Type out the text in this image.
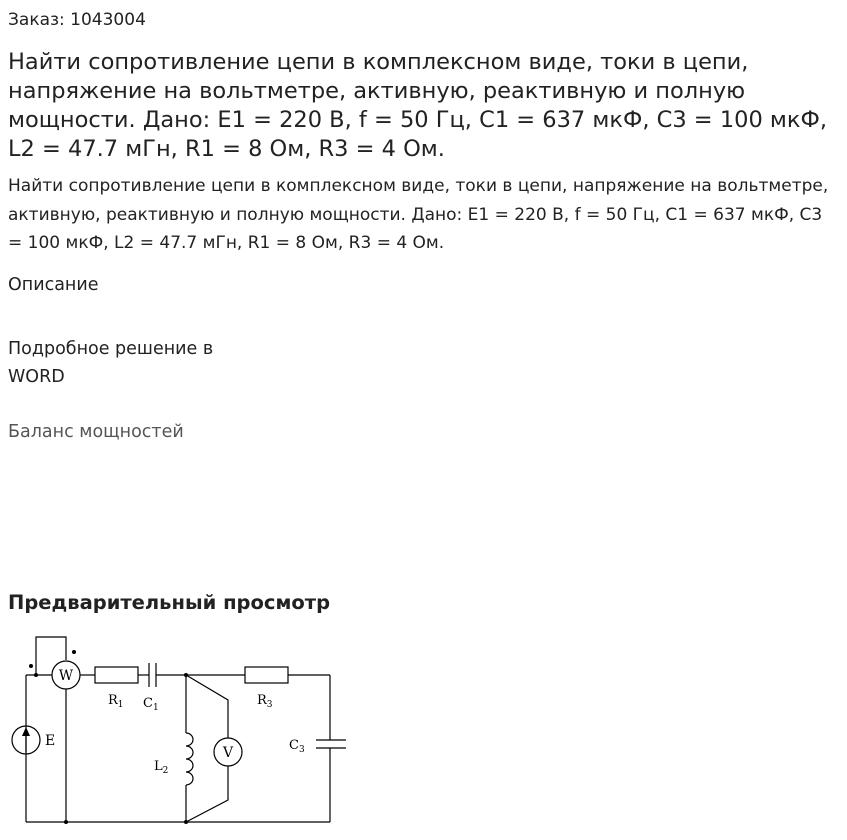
Заказ: 1043004
Найти сопротивление цепи в комплексном виде, токи в цепи, напряжение на вольтметре, активную, реактивную и полную мощности. Дано: E1 = 220 В, f = 50 Гц, C1 = 637 мкФ, C3 = 100 мкФ, L2 = 47.7 мГн, R1 = 8 Ом, R3 = 4 Ом.
Найти сопротивление цепи в комплексном виде, токи в цепи, напряжение на вольтметре, активную, реактивную и полную мощности. Дано: E1 = 220 В, f = 50 Гц, C1 = 637 мкФ, C3 = 100 мкФ, L2 = 47.7 мГн, R1 = 8 Ом, R3 = 4 Ом.
Описание
Подробное решение в WORD
Баланс мощностей
Предварительный просмотр
W
V
E
$R_1$ $C_1$	$R_3$
$L_2$
$C_3$
